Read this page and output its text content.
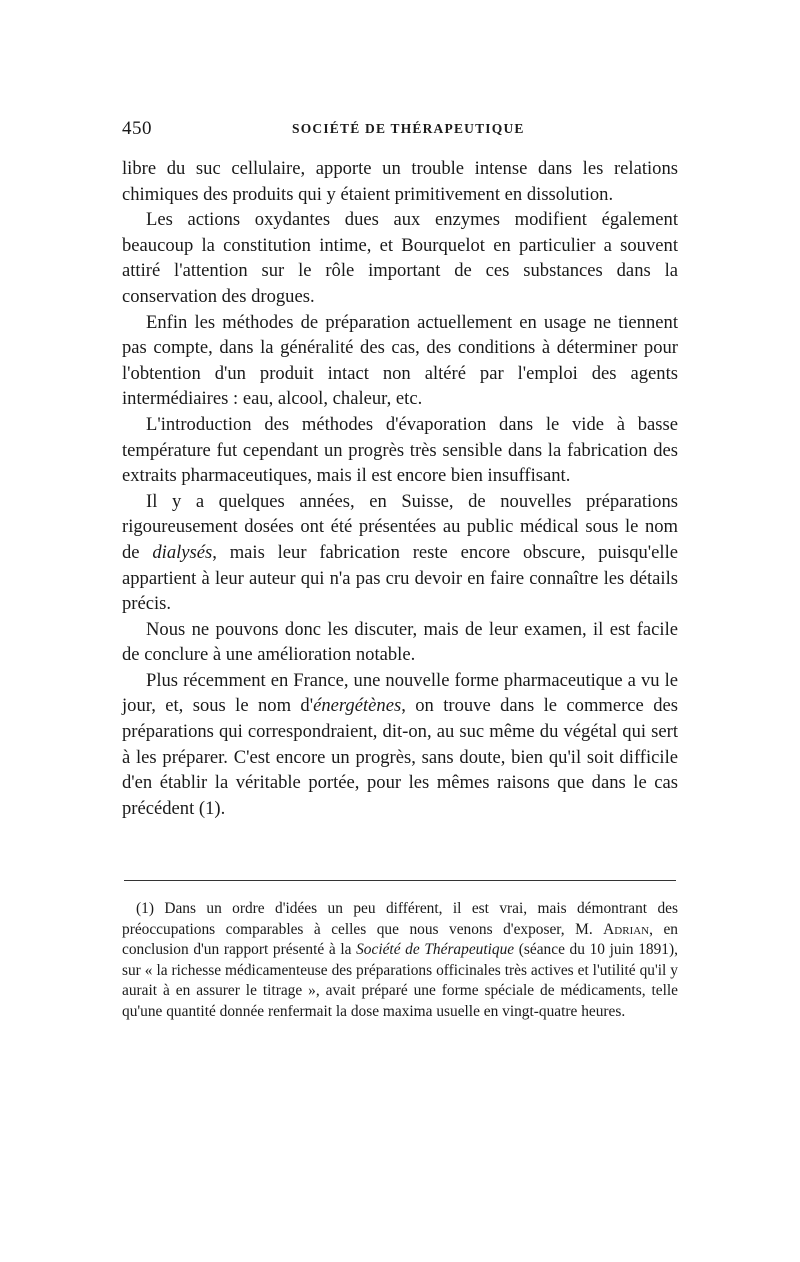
450	SOCIÉTÉ DE THÉRAPEUTIQUE

libre du suc cellulaire, apporte un trouble intense dans les relations chimiques des produits qui y étaient primitivement en dissolution.

Les actions oxydantes dues aux enzymes modifient également beaucoup la constitution intime, et Bourquelot en particulier a souvent attiré l'attention sur le rôle important de ces substances dans la conservation des drogues.

Enfin les méthodes de préparation actuellement en usage ne tiennent pas compte, dans la généralité des cas, des conditions à déterminer pour l'obtention d'un produit intact non altéré par l'emploi des agents intermédiaires : eau, alcool, chaleur, etc.

L'introduction des méthodes d'évaporation dans le vide à basse température fut cependant un progrès très sensible dans la fabrication des extraits pharmaceutiques, mais il est encore bien insuffisant.

Il y a quelques années, en Suisse, de nouvelles préparations rigoureusement dosées ont été présentées au public médical sous le nom de dialysés, mais leur fabrication reste encore obscure, puisqu'elle appartient à leur auteur qui n'a pas cru devoir en faire connaître les détails précis.

Nous ne pouvons donc les discuter, mais de leur examen, il est facile de conclure à une amélioration notable.

Plus récemment en France, une nouvelle forme pharmaceutique a vu le jour, et, sous le nom d'énergétènes, on trouve dans le commerce des préparations qui correspondraient, dit-on, au suc même du végétal qui sert à les préparer. C'est encore un progrès, sans doute, bien qu'il soit difficile d'en établir la véritable portée, pour les mêmes raisons que dans le cas précédent (1).

(1) Dans un ordre d'idées un peu différent, il est vrai, mais démontrant des préoccupations comparables à celles que nous venons d'exposer, M. Adrian, en conclusion d'un rapport présenté à la Société de Thérapeutique (séance du 10 juin 1891), sur « la richesse médicamenteuse des préparations officinales très actives et l'utilité qu'il y aurait à en assurer le titrage », avait préparé une forme spéciale de médicaments, telle qu'une quantité donnée renfermait la dose maxima usuelle en vingt-quatre heures.
